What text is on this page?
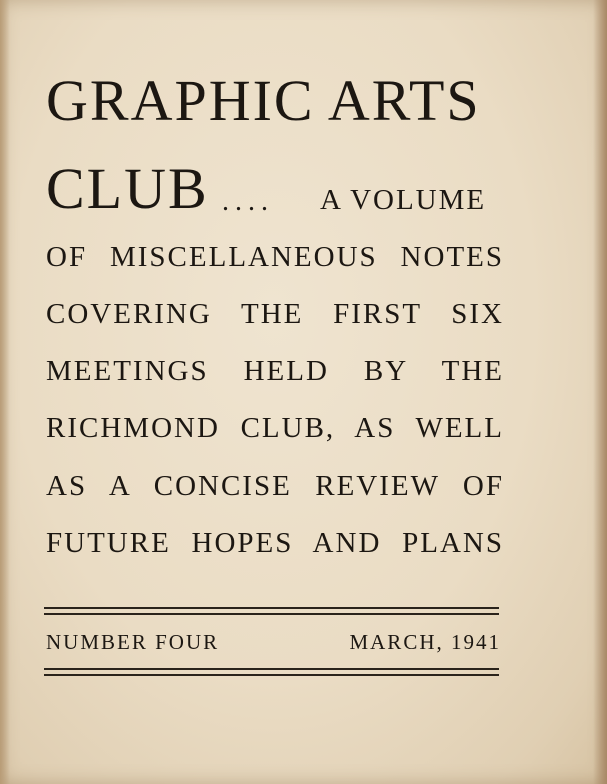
GRAPHIC ARTS
CLUB .... A VOLUME
OF MISCELLANEOUS NOTES
COVERING THE FIRST SIX
MEETINGS HELD BY THE
RICHMOND CLUB, AS WELL
AS A CONCISE REVIEW OF
FUTURE HOPES AND PLANS
NUMBER FOUR	MARCH, 1941
